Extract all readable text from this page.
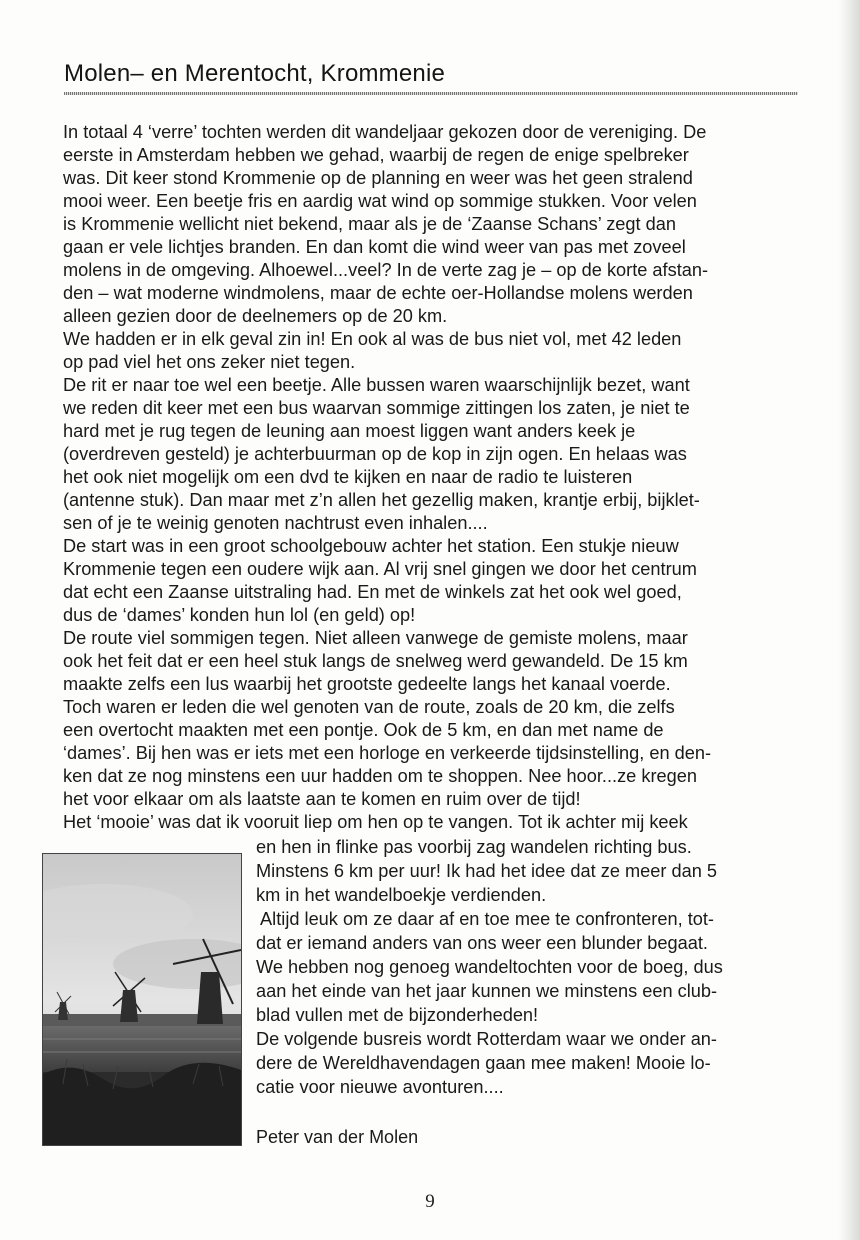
Molen– en Merentocht, Krommenie
In totaal 4 ‘verre’ tochten werden dit wandeljaar gekozen door de vereniging. De
eerste in Amsterdam hebben we gehad, waarbij de regen de enige spelbreker
was. Dit keer stond Krommenie op de planning en weer was het geen stralend
mooi weer. Een beetje fris en aardig wat wind op sommige stukken. Voor velen
is Krommenie wellicht niet bekend, maar als je de ‘Zaanse Schans’ zegt dan
gaan er vele lichtjes branden. En dan komt die wind weer van pas met zoveel
molens in de omgeving. Alhoewel...veel? In de verte zag je – op de korte afstan-
den – wat moderne windmolens, maar de echte oer-Hollandse molens werden
alleen gezien door de deelnemers op de 20 km.
We hadden er in elk geval zin in! En ook al was de bus niet vol, met 42 leden
op pad viel het ons zeker niet tegen.
De rit er naar toe wel een beetje. Alle bussen waren waarschijnlijk bezet, want
we reden dit keer met een bus waarvan sommige zittingen los zaten, je niet te
hard met je rug tegen de leuning aan moest liggen want anders keek je
(overdreven gesteld) je achterbuurman op de kop in zijn ogen. En helaas was
het ook niet mogelijk om een dvd te kijken en naar de radio te luisteren
(antenne stuk). Dan maar met z’n allen het gezellig maken, krantje erbij, bijklet-
sen of je te weinig genoten nachtrust even inhalen....
De start was in een groot schoolgebouw achter het station. Een stukje nieuw
Krommenie tegen een oudere wijk aan. Al vrij snel gingen we door het centrum
dat echt een Zaanse uitstraling had. En met de winkels zat het ook wel goed,
dus de ‘dames’ konden hun lol (en geld) op!
De route viel sommigen tegen. Niet alleen vanwege de gemiste molens, maar
ook het feit dat er een heel stuk langs de snelweg werd gewandeld. De 15 km
maakte zelfs een lus waarbij het grootste gedeelte langs het kanaal voerde.
Toch waren er leden die wel genoten van de route, zoals de 20 km, die zelfs
een overtocht maakten met een pontje. Ook de 5 km, en dan met name de
‘dames’. Bij hen was er iets met een horloge en verkeerde tijdsinstelling, en den-
ken dat ze nog minstens een uur hadden om te shoppen. Nee hoor...ze kregen
het voor elkaar om als laatste aan te komen en ruim over de tijd!
Het ‘mooie’ was dat ik vooruit liep om hen op te vangen. Tot ik achter mij keek
en hen in flinke pas voorbij zag wandelen richting bus.
Minstens 6 km per uur! Ik had het idee dat ze meer dan 5
km in het wandelboekje verdienden.
Altijd leuk om ze daar af en toe mee te confronteren, tot-
dat er iemand anders van ons weer een blunder begaat.
We hebben nog genoeg wandeltochten voor de boeg, dus
aan het einde van het jaar kunnen we minstens een club-
blad vullen met de bijzonderheden!
De volgende busreis wordt Rotterdam waar we onder an-
dere de Wereldhavendagen gaan mee maken! Mooie lo-
catie voor nieuwe avonturen....
Peter van der Molen
9
